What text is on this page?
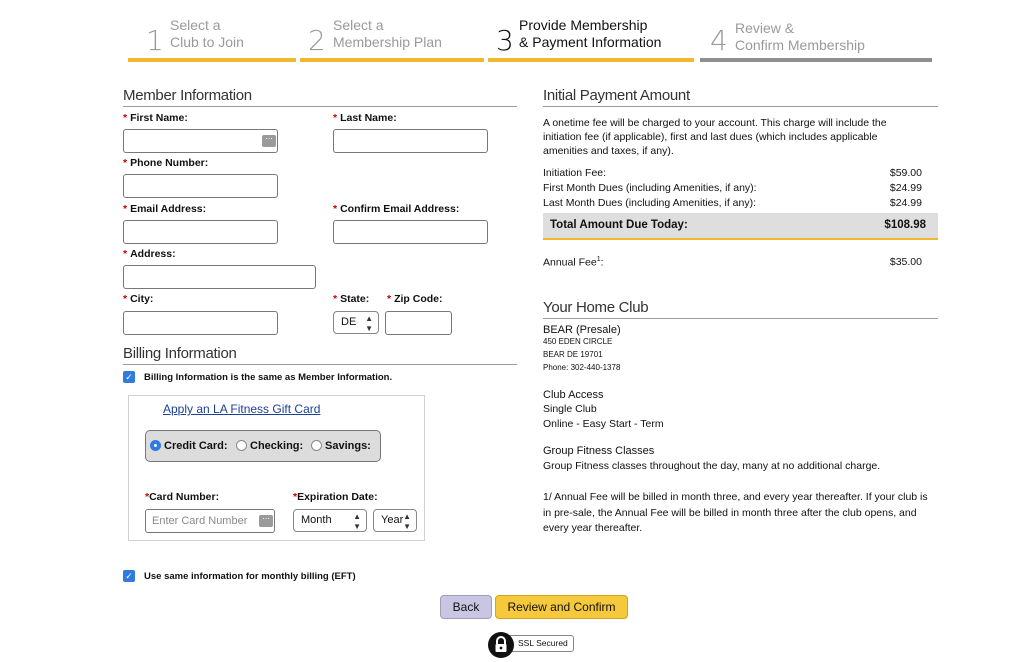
1 Select a
Club to Join 2 Select a
Membership Plan 3 Provide Membership
& Payment Information 4 Review &
Confirm Membership
Member Information
* First Name:
⋯
* Last Name:
* Phone Number:
* Email Address:	* Confirm Email Address:
* Address:
* City:	* State:
DE ▲
▼
* Zip Code:
Billing Information
✓ Billing Information is the same as Member Information.
Apply an LA Fitness Gift Card
Credit Card: Checking: Savings:
*Card Number:
Enter Card Number
⋯
*Expiration Date:
Month	▲
▼
Year ▲
▼
✓ Use same information for monthly billing (EFT)
Back	Review and Confirm
SSL Secured
Initial Payment Amount
A onetime fee will be charged to your account. This charge will include the initiation fee (if applicable), first and last dues (which includes applicable amenities and taxes, if any).
Initiation Fee:	$59.00
First Month Dues (including Amenities, if any):	$24.99
Last Month Dues (including Amenities, if any):	$24.99
Total Amount Due Today:	$108.98
Annual Fee$^1$:	$35.00
Your Home Club
BEAR (Presale)
450 EDEN CIRCLE
BEAR DE 19701
Phone: 302-440-1378
Club Access
Single Club
Online - Easy Start - Term
Group Fitness Classes
Group Fitness classes throughout the day, many at no additional charge.
1/ Annual Fee will be billed in month three, and every year thereafter. If your club is in pre-sale, the Annual Fee will be billed in month three after the club opens, and every year thereafter.
